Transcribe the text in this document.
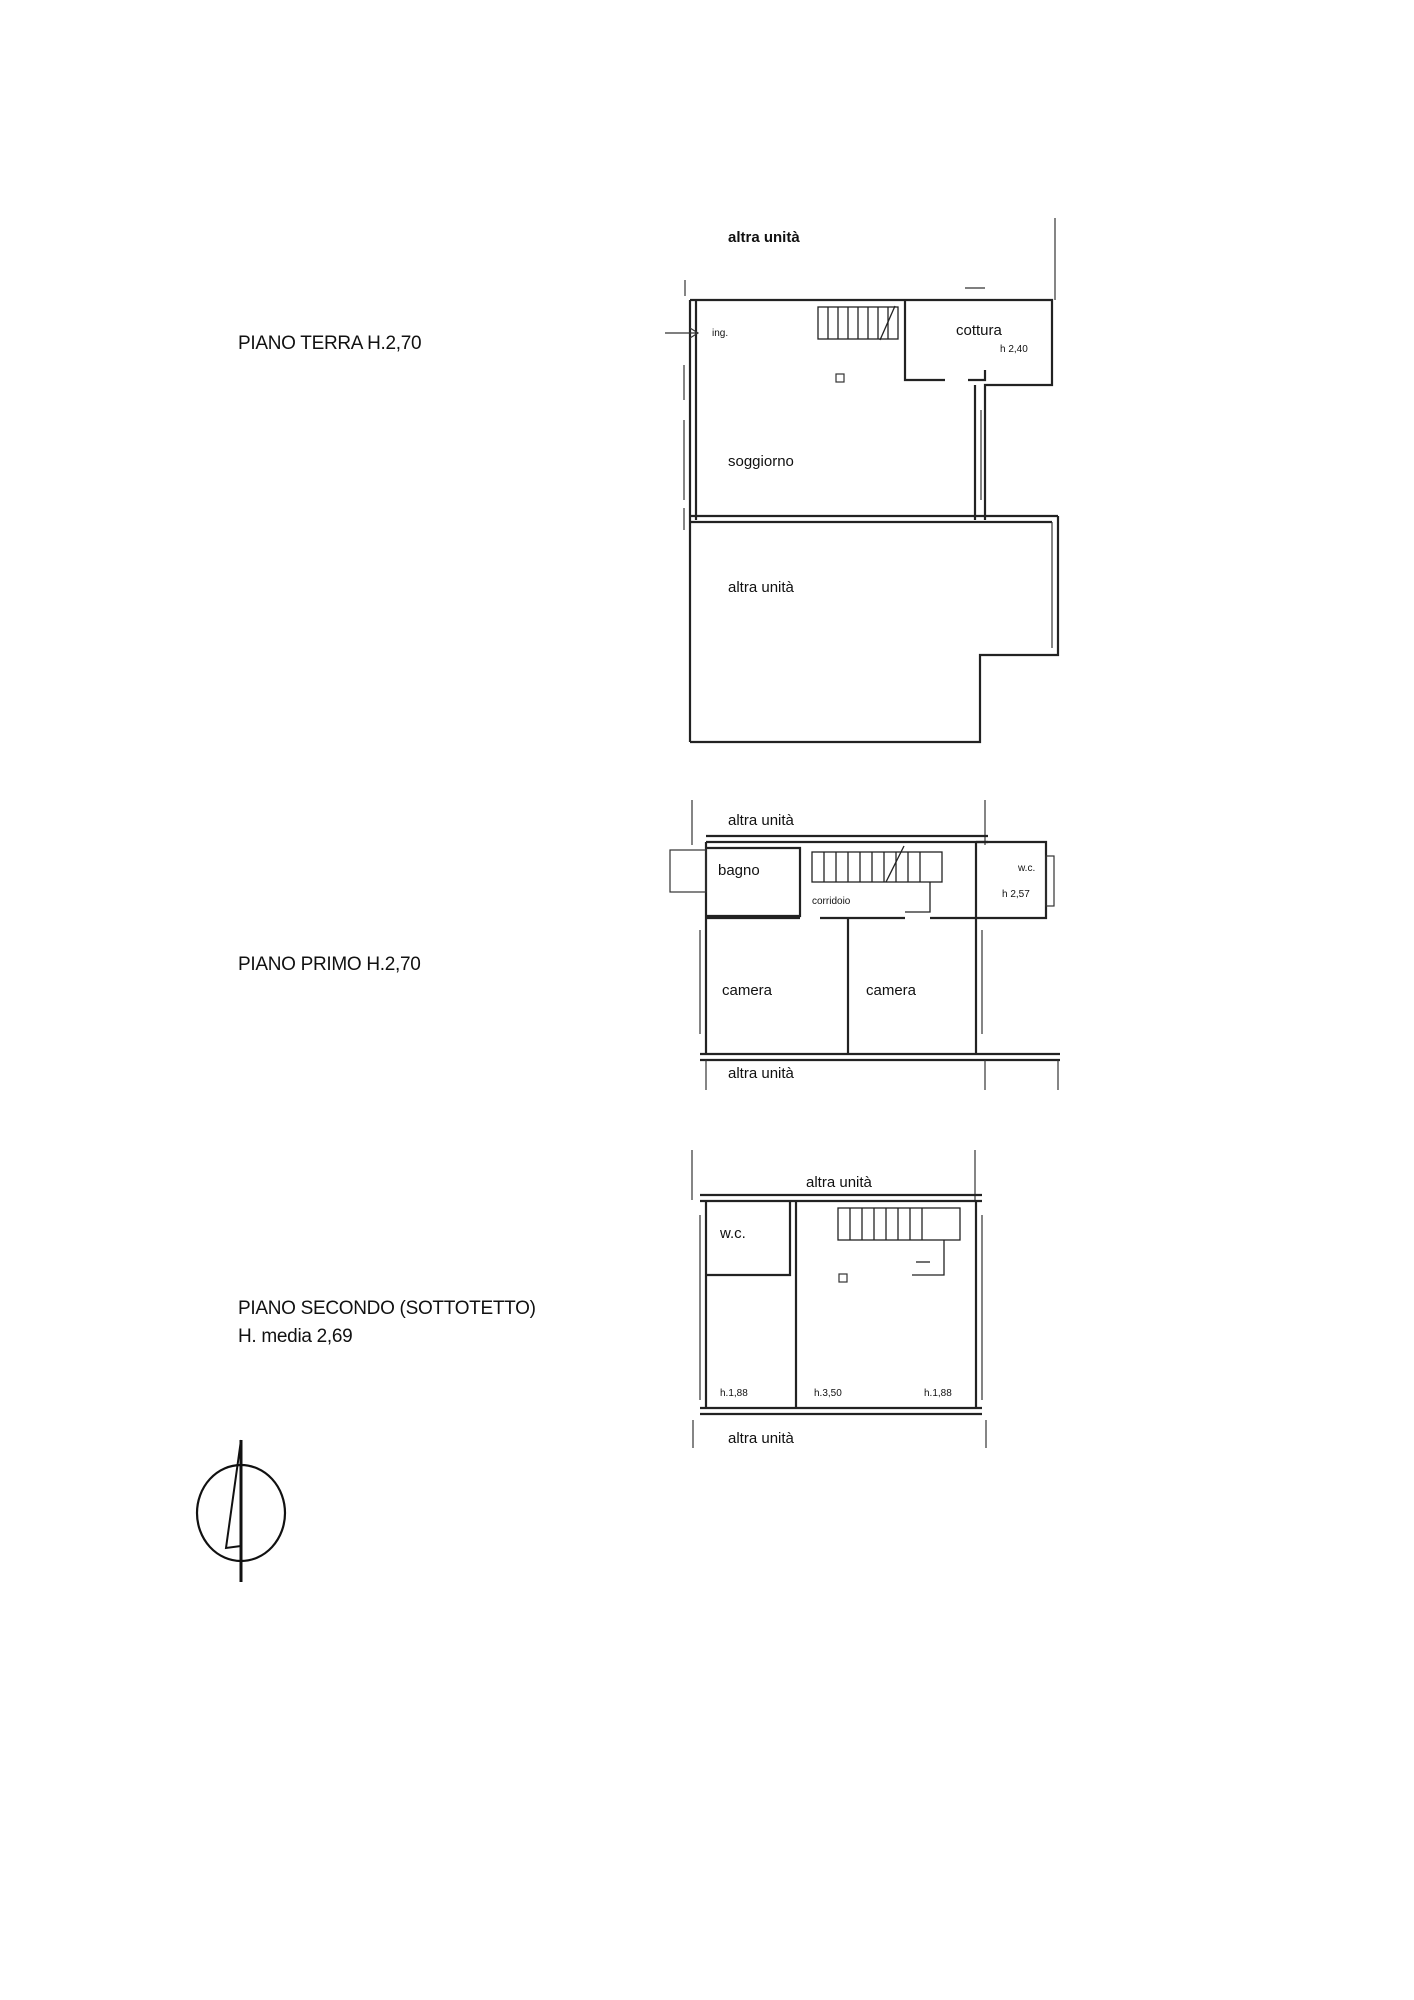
PIANO TERRA H.2,70
PIANO PRIMO H.2,70
PIANO SECONDO (SOTTOTETTO)
H. media 2,69
altra unità
ing.	cottura
h 2,40
soggiorno
altra unità
altra unità
bagno	w.c.
h 2,57
corridoio
camera	camera
altra unità
altra unità
w.c.
h.1,88	h.3,50	h.1,88
altra unità
